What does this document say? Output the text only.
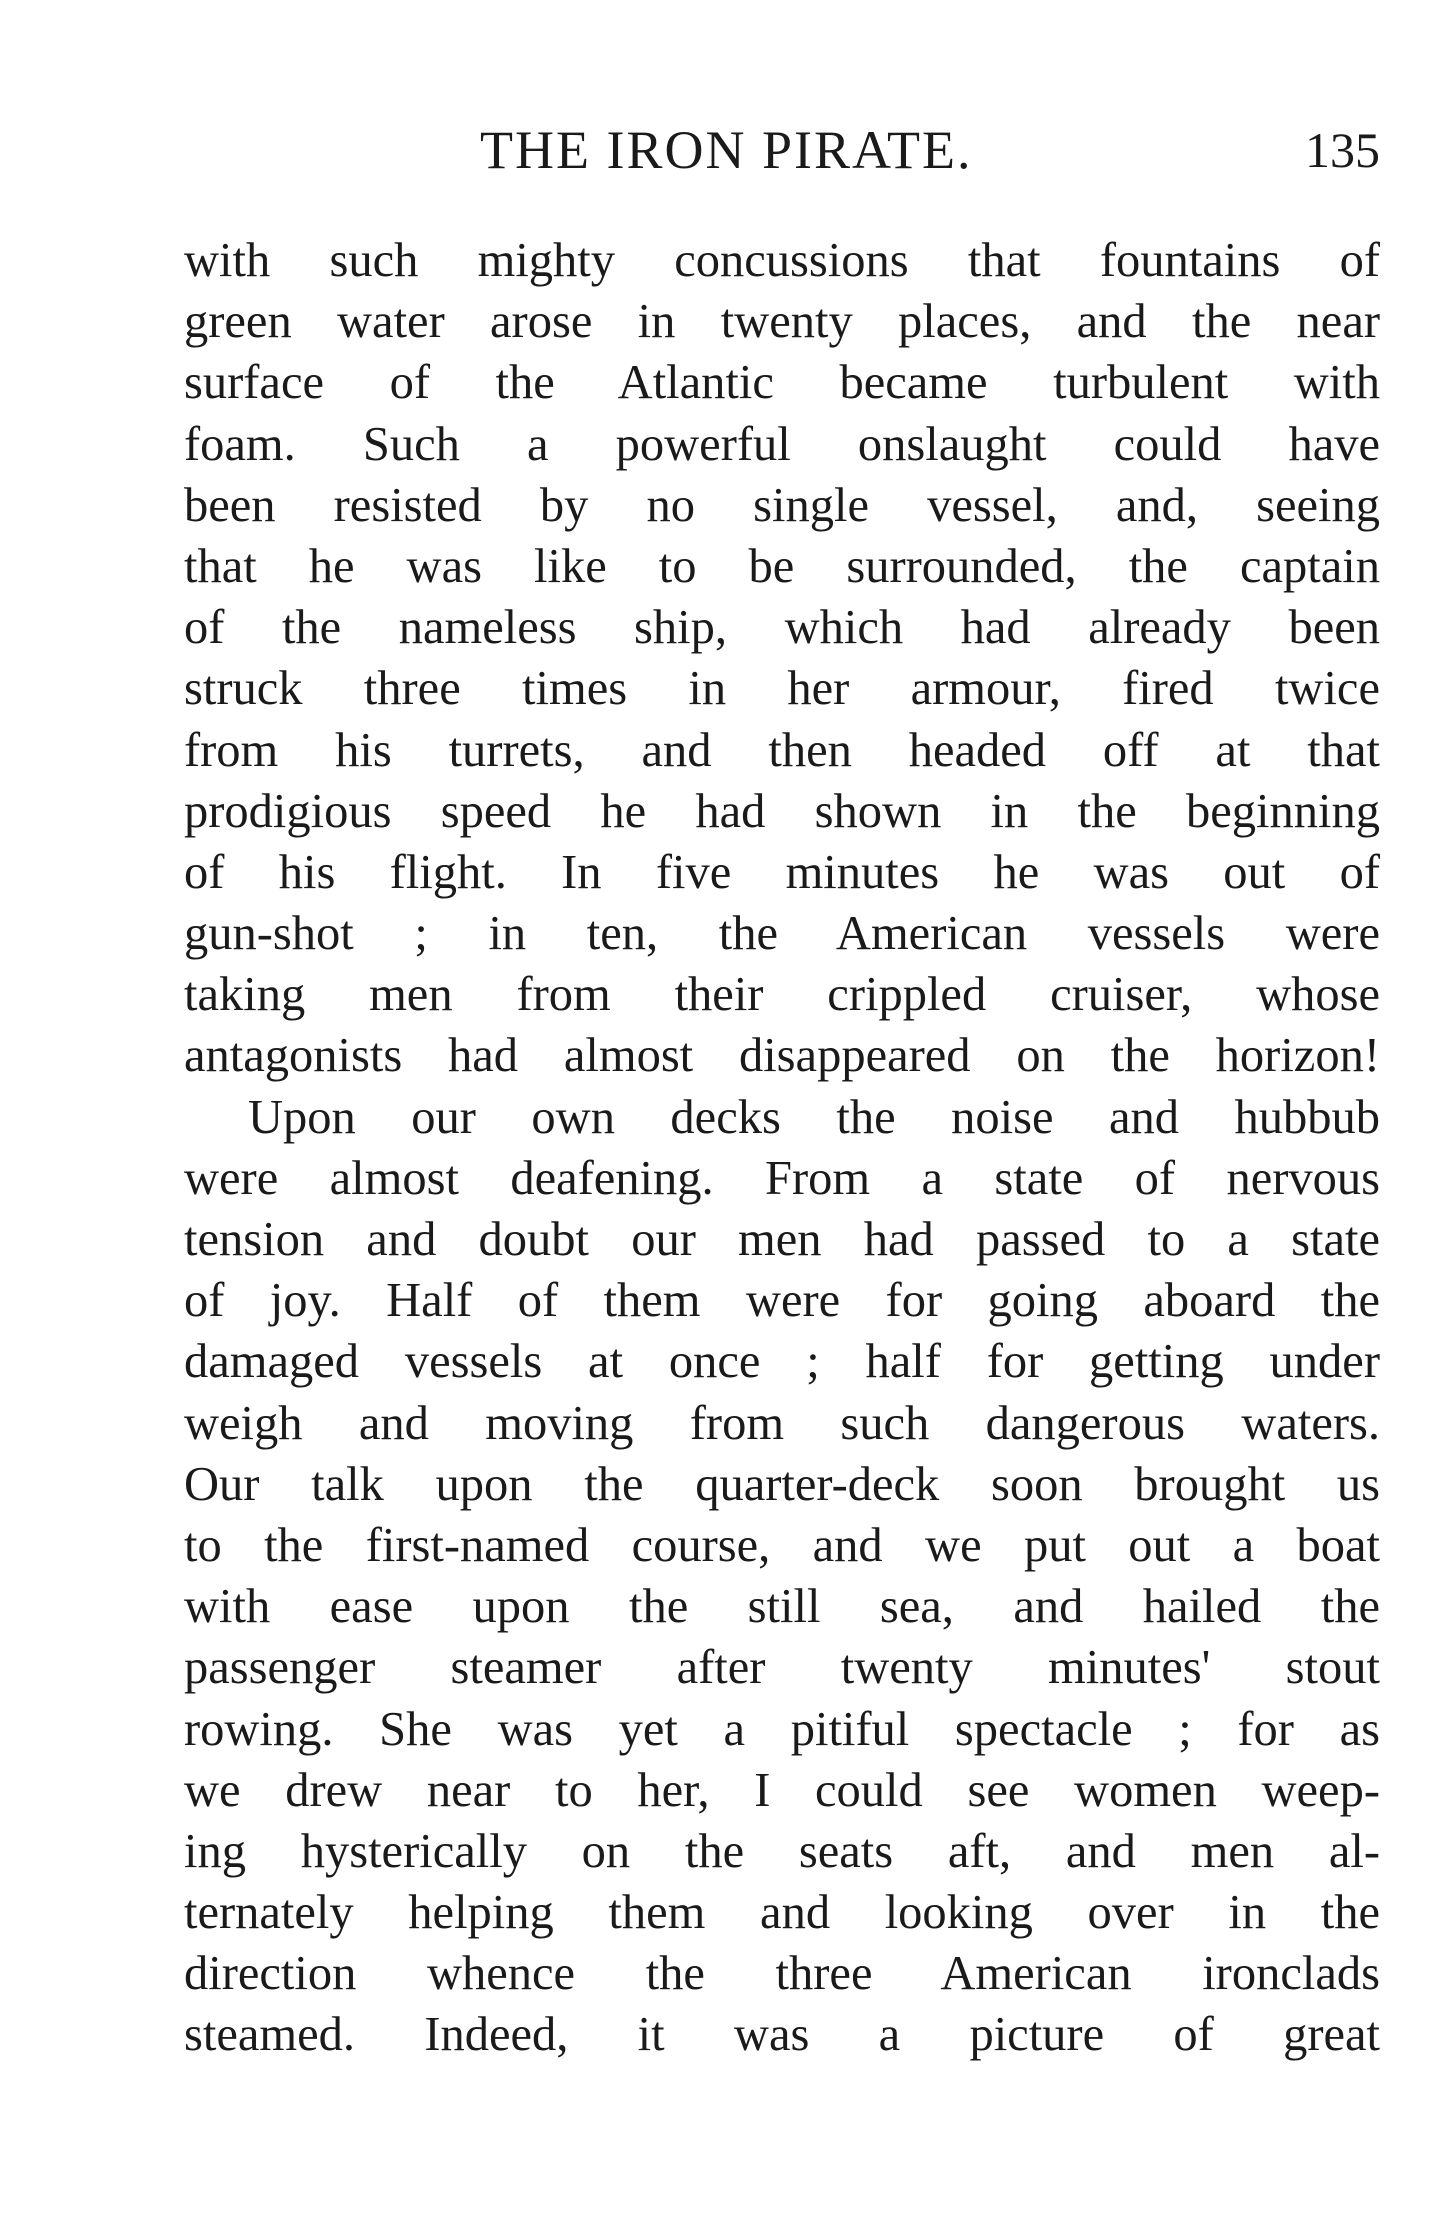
THE IRON PIRATE.	135
with such mighty concussions that fountains of
green water arose in twenty places, and the near
surface of the Atlantic became turbulent with
foam. Such a powerful onslaught could have
been resisted by no single vessel, and, seeing
that he was like to be surrounded, the captain
of the nameless ship, which had already been
struck three times in her armour, fired twice
from his turrets, and then headed off at that
prodigious speed he had shown in the beginning
of his flight. In five minutes he was out of
gun-shot ; in ten, the American vessels were
taking men from their crippled cruiser, whose
antagonists had almost disappeared on the horizon!
Upon our own decks the noise and hubbub
were almost deafening. From a state of nervous
tension and doubt our men had passed to a state
of joy. Half of them were for going aboard the
damaged vessels at once ; half for getting under
weigh and moving from such dangerous waters.
Our talk upon the quarter-deck soon brought us
to the first-named course, and we put out a boat
with ease upon the still sea, and hailed the
passenger steamer after twenty minutes' stout
rowing. She was yet a pitiful spectacle ; for as
we drew near to her, I could see women weep-
ing hysterically on the seats aft, and men al-
ternately helping them and looking over in the
direction whence the three American ironclads
steamed. Indeed, it was a picture of great
